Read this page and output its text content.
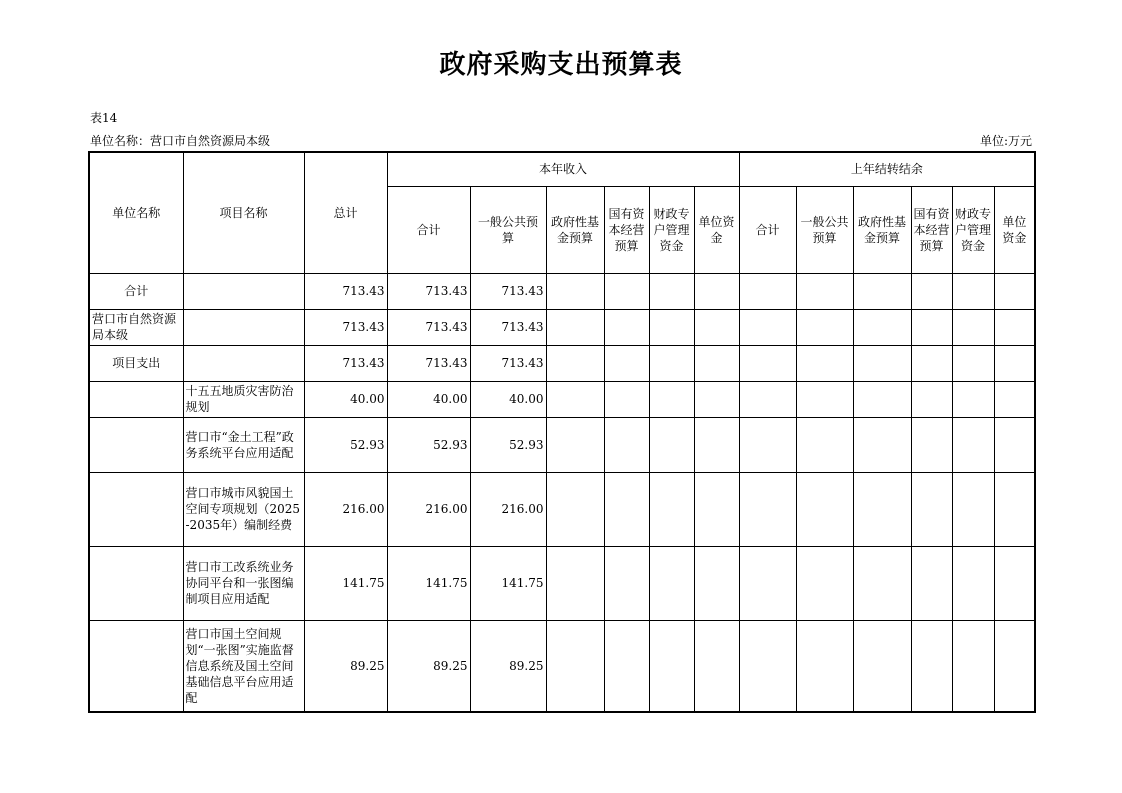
政府采购支出预算表
表14
单位名称：营口市自然资源局本级	单位:万元
单位名称	项目名称	总计	本年收入						上年结转结余					
			合计	一般公共预算	政府性基金预算	国有资本经营预算	财政专户管理资金	单位资金	合计	一般公共预算	政府性基金预算	国有资本经营预算	财政专户管理资金	单位资金
合计		713.43	713.43	713.43										
营口市自然资源局本级		713.43	713.43	713.43										
项目支出		713.43	713.43	713.43										
	十五五地质灾害防治规划	40.00	40.00	40.00										
	营口市“金土工程”政务系统平台应用适配	52.93	52.93	52.93										
	营口市城市风貌国土空间专项规划（2025-2035年）编制经费	216.00	216.00	216.00										
	营口市工改系统业务协同平台和一张图编制项目应用适配	141.75	141.75	141.75										
	营口市国土空间规划“一张图”实施监督信息系统及国土空间基础信息平台应用适配	89.25	89.25	89.25										
